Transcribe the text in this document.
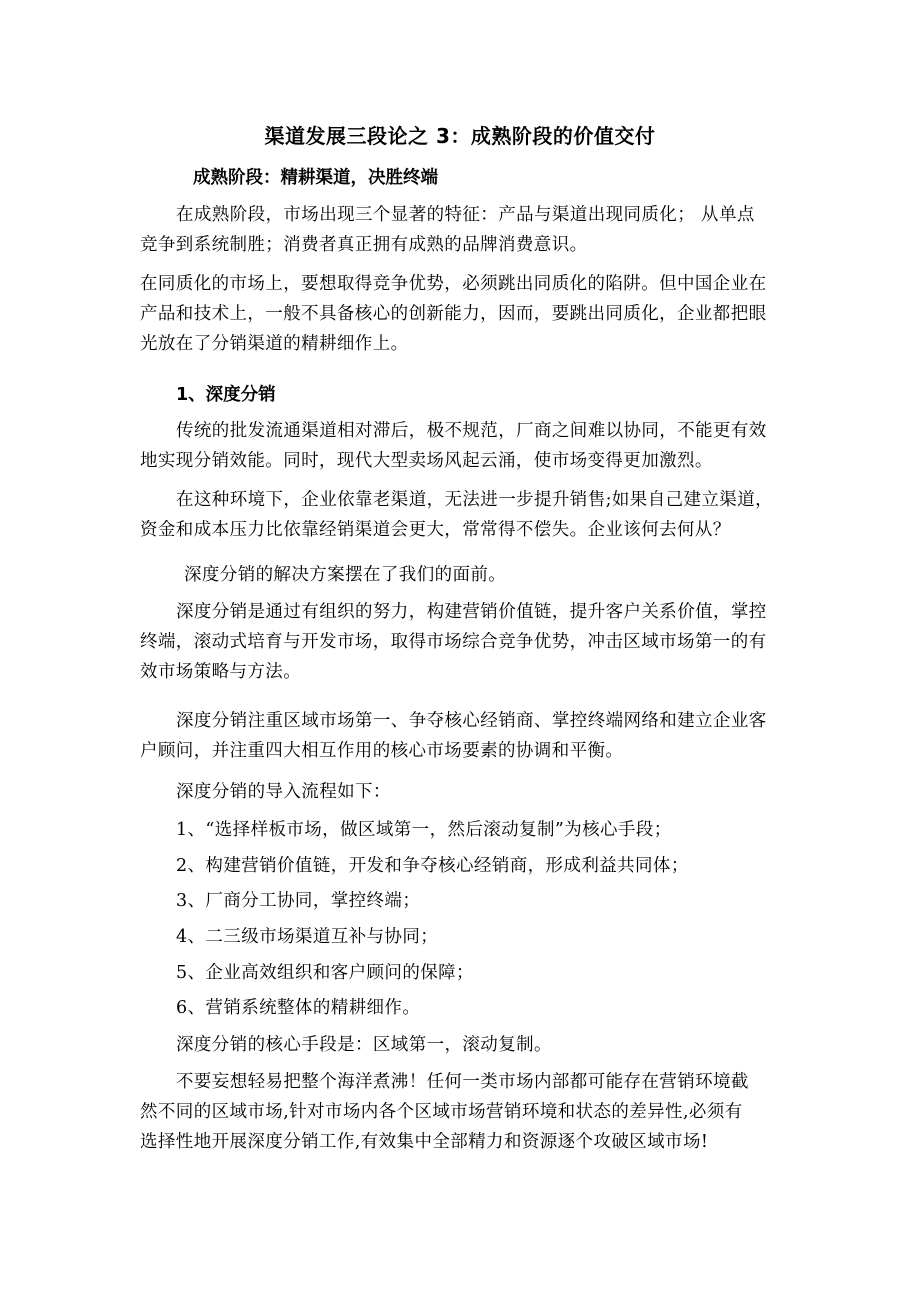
渠道发展三段论之 3：成熟阶段的价值交付
成熟阶段：精耕渠道，决胜终端
在成熟阶段，市场出现三个显著的特征：产品与渠道出现同质化； 从单点
竞争到系统制胜；消费者真正拥有成熟的品牌消费意识。
在同质化的市场上，要想取得竞争优势，必须跳出同质化的陷阱。但中国企业在
产品和技术上，一般不具备核心的创新能力，因而，要跳出同质化，企业都把眼
光放在了分销渠道的精耕细作上。
1、深度分销
传统的批发流通渠道相对滞后，极不规范，厂商之间难以协同，不能更有效
地实现分销效能。同时，现代大型卖场风起云涌，使市场变得更加激烈。
在这种环境下，企业依靠老渠道，无法进一步提升销售;如果自己建立渠道，
资金和成本压力比依靠经销渠道会更大，常常得不偿失。企业该何去何从？
深度分销的解决方案摆在了我们的面前。
深度分销是通过有组织的努力，构建营销价值链，提升客户关系价值，掌控
终端，滚动式培育与开发市场，取得市场综合竞争优势，冲击区域市场第一的有
效市场策略与方法。
深度分销注重区域市场第一、争夺核心经销商、掌控终端网络和建立企业客
户顾问，并注重四大相互作用的核心市场要素的协调和平衡。
深度分销的导入流程如下：
1、“选择样板市场，做区域第一，然后滚动复制”为核心手段；
2、构建营销价值链，开发和争夺核心经销商，形成利益共同体；
3、厂商分工协同，掌控终端；
4、二三级市场渠道互补与协同；
5、企业高效组织和客户顾问的保障；
6、营销系统整体的精耕细作。
深度分销的核心手段是：区域第一，滚动复制。
不要妄想轻易把整个海洋煮沸！任何一类市场内部都可能存在营销环境截
然不同的区域市场,针对市场内各个区域市场营销环境和状态的差异性,必须有
选择性地开展深度分销工作,有效集中全部精力和资源逐个攻破区域市场!
